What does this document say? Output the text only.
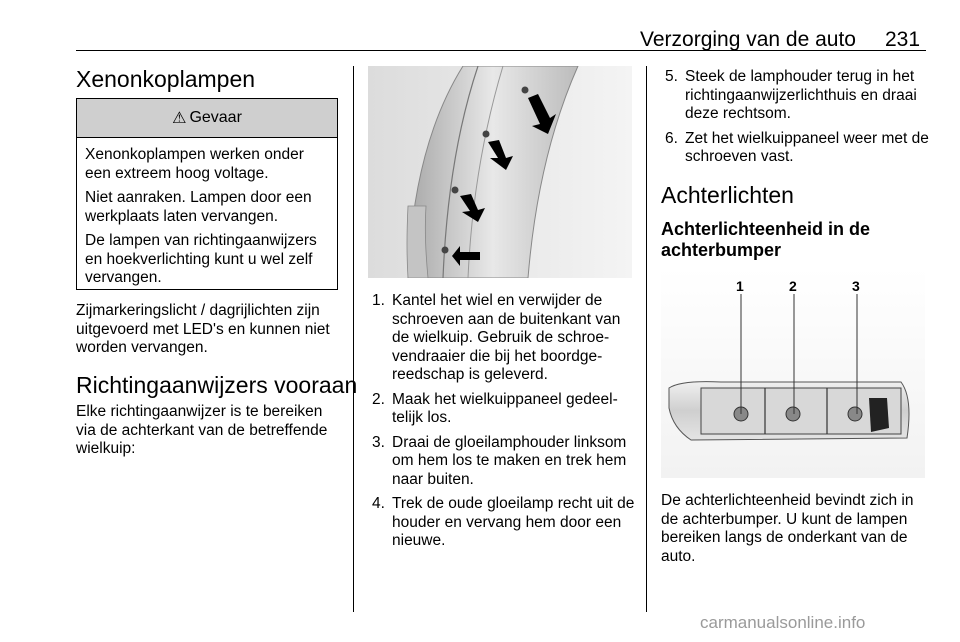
Verzorging van de auto 231
Xenonkoplampen
⚠ Gevaar

Xenonkoplampen werken onder een extreem hoog voltage.

Niet aanraken. Lampen door een werkplaats laten vervangen.

De lampen van richtingaanwijzers en hoekverlichting kunt u wel zelf vervangen.

Zijmarkeringslicht / dagrijlichten zijn uitgevoerd met LED's en kunnen niet worden vervangen.
Richtingaanwijzers vooraan
Elke richtingaanwijzer is te bereiken via de achterkant van de betreffende wielkuip:
1. Kantel het wiel en verwijder de schroeven aan de buitenkant van de wielkuip. Gebruik de schroevendraaier die bij het boordgereedschap is geleverd.
2. Maak het wielkuippaneel gedeeltelijk los.
3. Draai de gloeilamphouder linksom om hem los te maken en trek hem naar buiten.
4. Trek de oude gloeilamp recht uit de houder en vervang hem door een nieuwe.
5. Steek de lamphouder terug in het richtingaanwijzerlichthuis en draai deze rechtsom.
6. Zet het wielkuippaneel weer met de schroeven vast.
Achterlichten
Achterlichteenheid in de achterbumper
1	2	3
De achterlichteenheid bevindt zich in de achterbumper. U kunt de lampen bereiken langs de onderkant van de auto.
carmanualsonline.info
